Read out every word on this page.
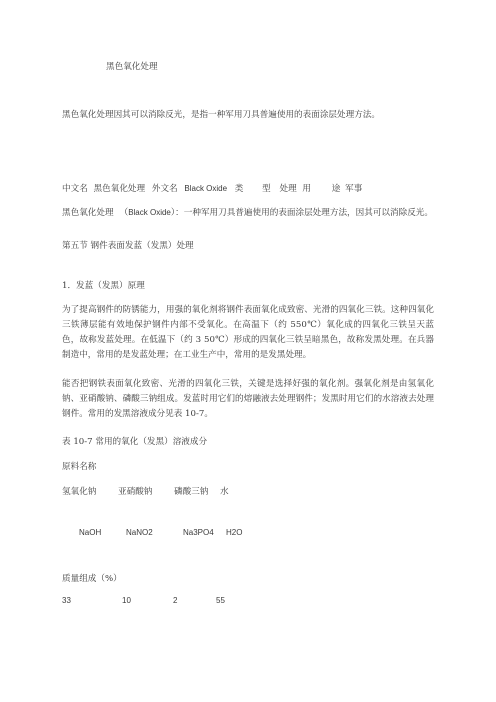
黑色氧化处理
黑色氧化处理因其可以消除反光，是指一种军用刀具普遍使用的表面涂层处理方法。
中文名 黑色氧化处理 外文名 Black Oxide 类 型 处理 用 途 军事
黑色氧化处理 （Black Oxide）：一种军用刀具普遍使用的表面涂层处理方法，因其可以消除反光。
第五节 钢件表面发蓝（发黑）处理
1．发蓝（发黑）原理
为了提高钢件的防锈能力，用强的氧化剂将钢件表面氧化成致密、光滑的四氧化三铁。这种四氧化三铁薄层能有效地保护钢件内部不受氧化。在高温下（约 550℃）氧化成的四氧化三铁呈天蓝色，故称发蓝处理。在低温下（约 3 50℃）形成的四氧化三铁呈暗黑色，故称发黑处理。在兵器制造中，常用的是发蓝处理；在工业生产中，常用的是发黑处理。
能否把钢铁表面氧化致密、光滑的四氧化三铁，关键是选择好强的氧化剂。强氧化剂是由氢氧化钠、亚硝酸钠、磷酸三钠组成。发蓝时用它们的熔融液去处理钢件；发黑时用它们的水溶液去处理钢件。常用的发黑溶液成分见表 10-7。
表 10-7 常用的氧化（发黑）溶液成分
原料名称
氢氧化钠	亚硝酸钠	磷酸三钠 水
NaOH	NaNO2	Na3PO4 H2O
质量组成（%）
33	10	2	55
